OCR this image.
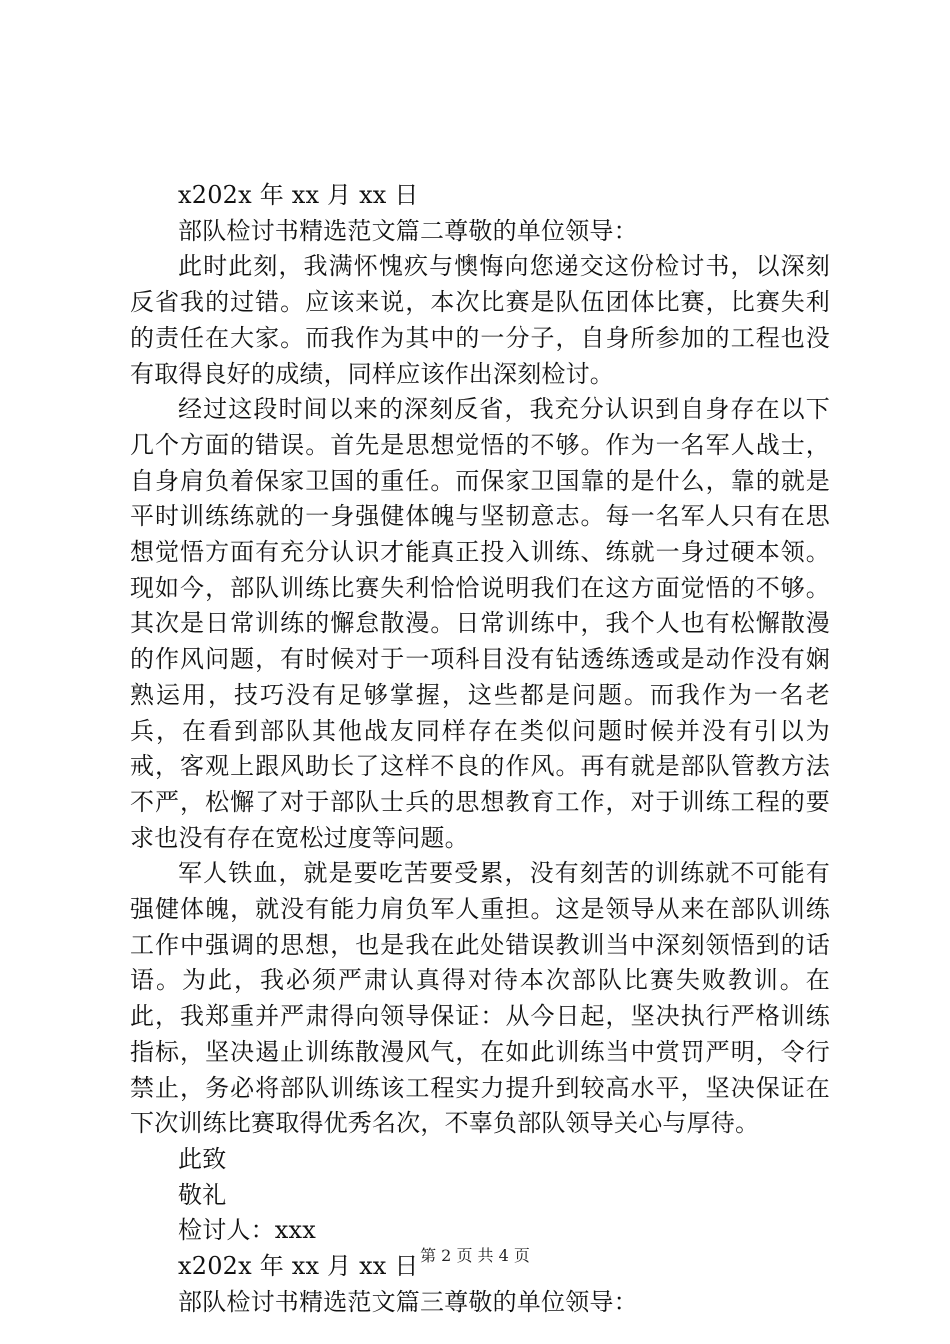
x202x 年 xx 月 xx 日

部队检讨书精选范文篇二尊敬的单位领导：

此时此刻，我满怀愧疚与懊悔向您递交这份检讨书，以深刻反省我的过错。应该来说，本次比赛是队伍团体比赛，比赛失利的责任在大家。而我作为其中的一分子，自身所参加的工程也没有取得良好的成绩，同样应该作出深刻检讨。

经过这段时间以来的深刻反省，我充分认识到自身存在以下几个方面的错误。首先是思想觉悟的不够。作为一名军人战士，自身肩负着保家卫国的重任。而保家卫国靠的是什么，靠的就是平时训练练就的一身强健体魄与坚韧意志。每一名军人只有在思想觉悟方面有充分认识才能真正投入训练、练就一身过硬本领。现如今，部队训练比赛失利恰恰说明我们在这方面觉悟的不够。其次是日常训练的懈怠散漫。日常训练中，我个人也有松懈散漫的作风问题，有时候对于一项科目没有钻透练透或是动作没有娴熟运用，技巧没有足够掌握，这些都是问题。而我作为一名老兵，在看到部队其他战友同样存在类似问题时候并没有引以为戒，客观上跟风助长了这样不良的作风。再有就是部队管教方法不严，松懈了对于部队士兵的思想教育工作，对于训练工程的要求也没有存在宽松过度等问题。

军人铁血，就是要吃苦要受累，没有刻苦的训练就不可能有强健体魄，就没有能力肩负军人重担。这是领导从来在部队训练工作中强调的思想，也是我在此处错误教训当中深刻领悟到的话语。为此，我必须严肃认真得对待本次部队比赛失败教训。在此，我郑重并严肃得向领导保证：从今日起，坚决执行严格训练指标，坚决遏止训练散漫风气，在如此训练当中赏罚严明，令行禁止，务必将部队训练该工程实力提升到较高水平，坚决保证在下次训练比赛取得优秀名次，不辜负部队领导关心与厚待。

此致

敬礼

检讨人：xxx

x202x 年 xx 月 xx 日

部队检讨书精选范文篇三尊敬的单位领导：

第 2 页 共 4 页
